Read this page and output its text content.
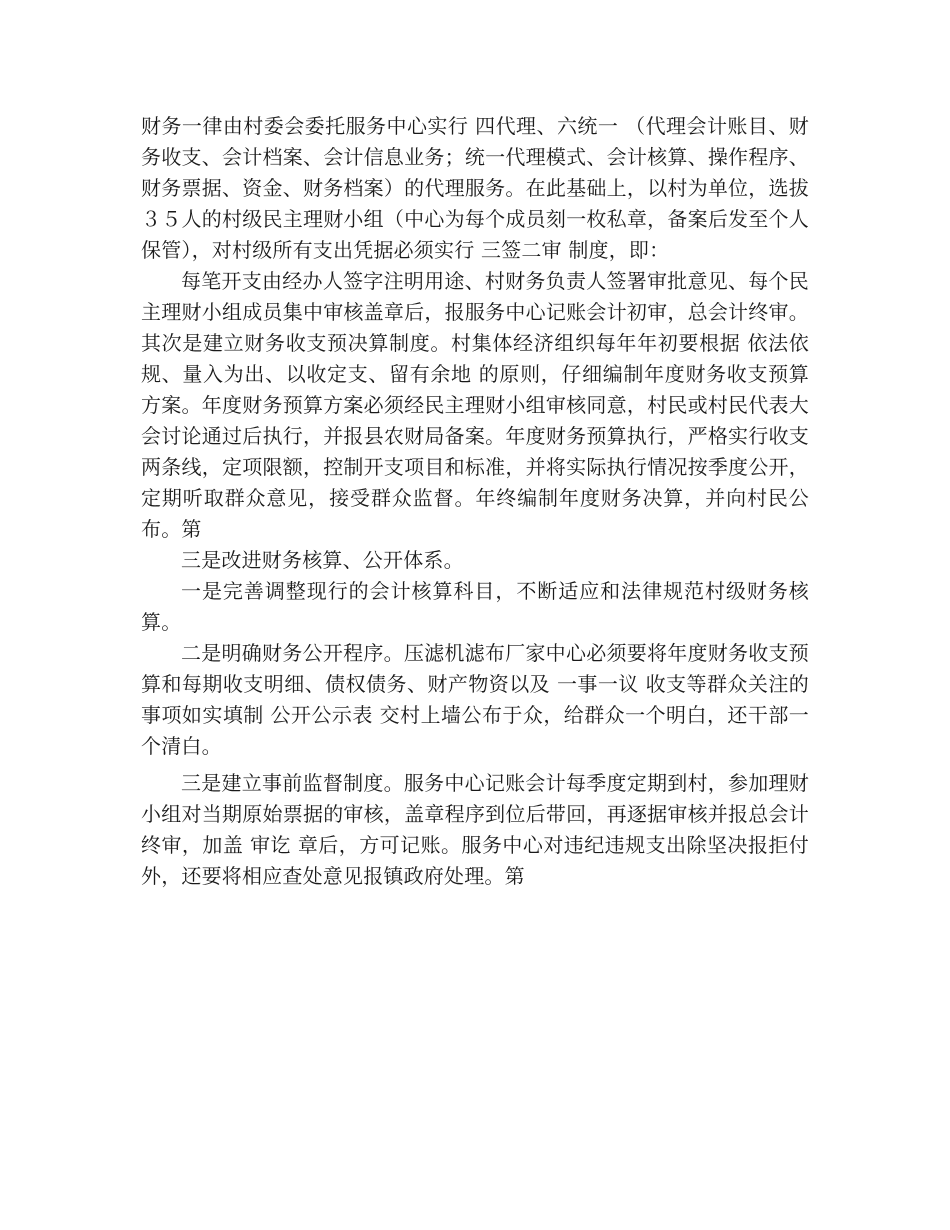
财务一律由村委会委托服务中心实行 四代理、六统一 （代理会计账目、财务收支、会计档案、会计信息业务；统一代理模式、会计核算、操作程序、财务票据、资金、财务档案）的代理服务。在此基础上，以村为单位，选拔３５人的村级民主理财小组（中心为每个成员刻一枚私章，备案后发至个人保管），对村级所有支出凭据必须实行 三签二审 制度，即：

每笔开支由经办人签字注明用途、村财务负责人签署审批意见、每个民主理财小组成员集中审核盖章后，报服务中心记账会计初审，总会计终审。其次是建立财务收支预决算制度。村集体经济组织每年年初要根据 依法依规、量入为出、以收定支、留有余地 的原则，仔细编制年度财务收支预算方案。年度财务预算方案必须经民主理财小组审核同意，村民或村民代表大会讨论通过后执行，并报县农财局备案。年度财务预算执行，严格实行收支两条线，定项限额，控制开支项目和标准，并将实际执行情况按季度公开，定期听取群众意见，接受群众监督。年终编制年度财务决算，并向村民公布。第

三是改进财务核算、公开体系。

一是完善调整现行的会计核算科目，不断适应和法律规范村级财务核算。

二是明确财务公开程序。压滤机滤布厂家中心必须要将年度财务收支预算和每期收支明细、债权债务、财产物资以及 一事一议 收支等群众关注的事项如实填制 公开公示表 交村上墙公布于众，给群众一个明白，还干部一个清白。

三是建立事前监督制度。服务中心记账会计每季度定期到村，参加理财小组对当期原始票据的审核，盖章程序到位后带回，再逐据审核并报总会计终审，加盖 审讫 章后，方可记账。服务中心对违纪违规支出除坚决报拒付外，还要将相应查处意见报镇政府处理。第
